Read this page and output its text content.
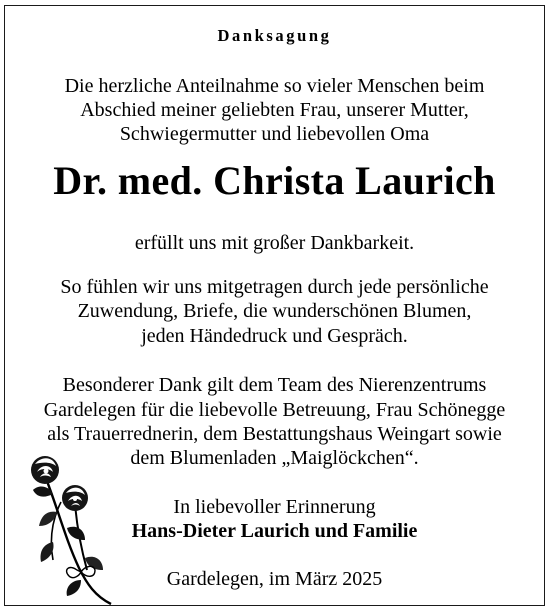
Danksagung
Die herzliche Anteilnahme so vieler Menschen beim
Abschied meiner geliebten Frau, unserer Mutter,
Schwiegermutter und liebevollen Oma
Dr. med. Christa Laurich
erfüllt uns mit großer Dankbarkeit.
So fühlen wir uns mitgetragen durch jede persönliche
Zuwendung, Briefe, die wunderschönen Blumen,
jeden Händedruck und Gespräch.
Besonderer Dank gilt dem Team des Nierenzentrums
Gardelegen für die liebevolle Betreuung, Frau Schönegge
als Trauerrednerin, dem Bestattungshaus Weingart sowie
dem Blumenladen „Maiglöckchen“.
In liebevoller Erinnerung
Hans-Dieter Laurich und Familie
Gardelegen, im März 2025
